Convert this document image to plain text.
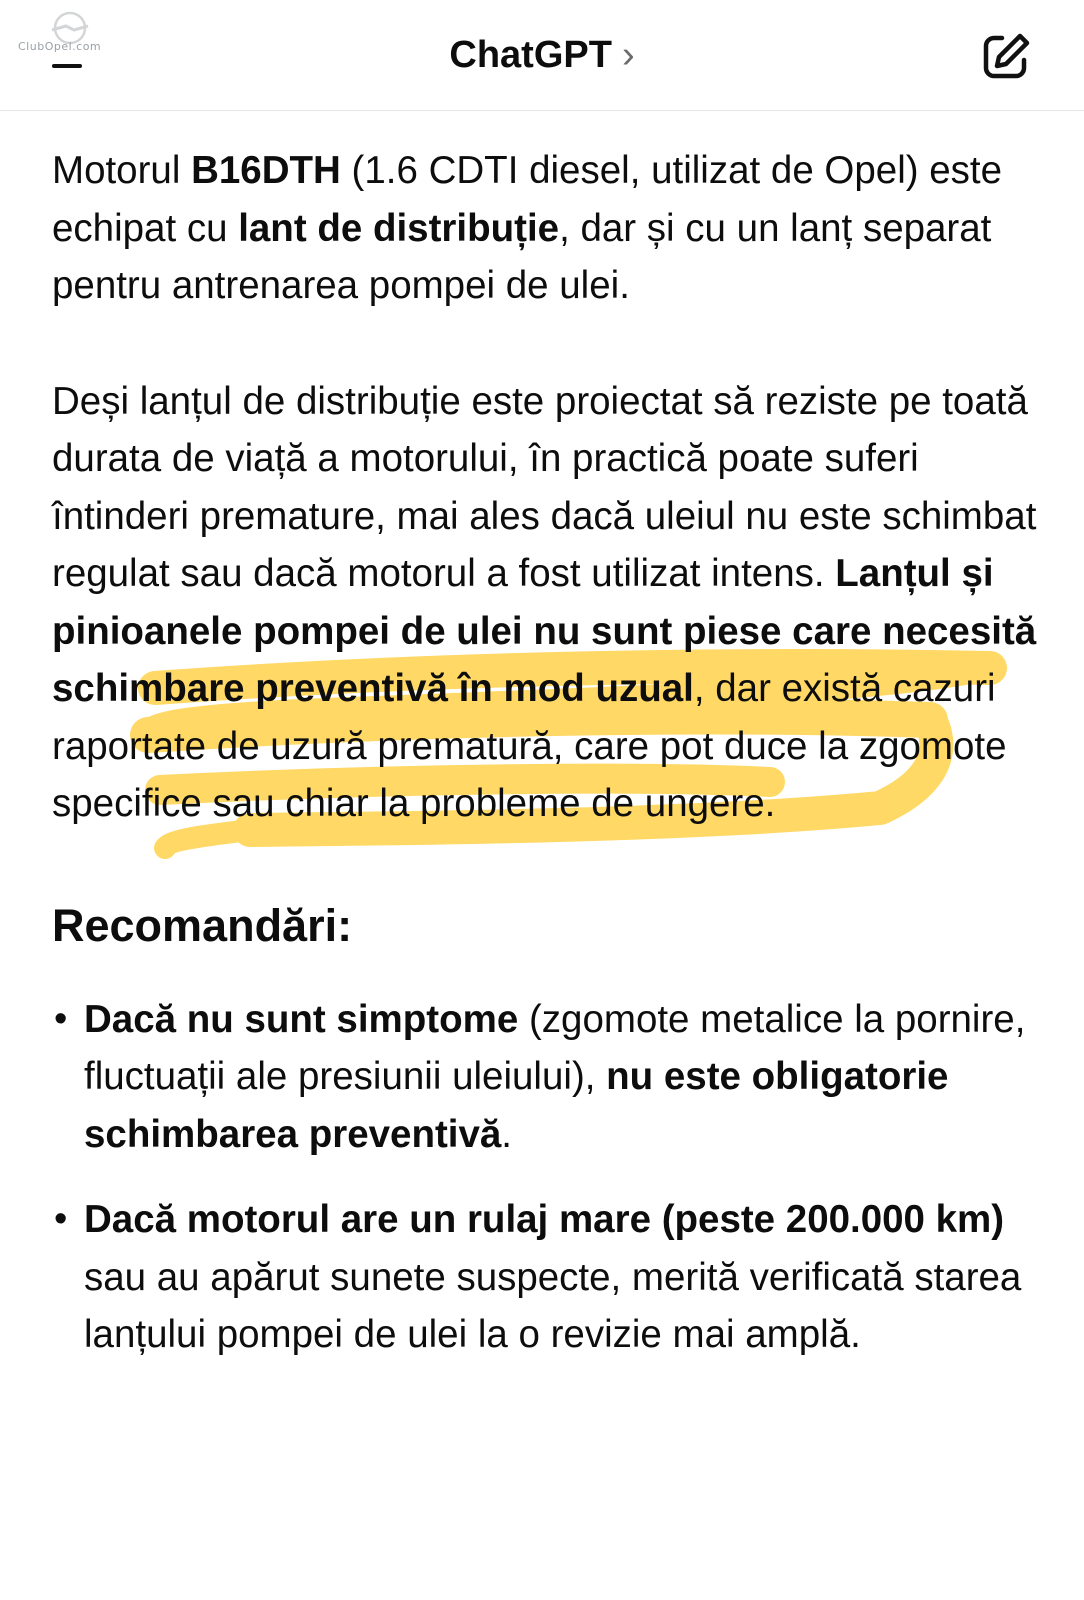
ClubOpel.com	ChatGPT ›

Motorul B16DTH (1.6 CDTI diesel, utilizat de Opel) este echipat cu lant de distribuție, dar și cu un lanț separat pentru antrenarea pompei de ulei.

Deși lanțul de distribuție este proiectat să reziste pe toată durata de viață a motorului, în practică poate suferi întinderi premature, mai ales dacă uleiul nu este schimbat regulat sau dacă motorul a fost utilizat intens. Lanțul și pinioanele pompei de ulei nu sunt piese care necesită schimbare preventivă în mod uzual, dar există cazuri raportate de uzură prematură, care pot duce la zgomote specifice sau chiar la probleme de ungere.

Recomandări:
• Dacă nu sunt simptome (zgomote metalice la pornire, fluctuații ale presiunii uleiului), nu este obligatorie schimbarea preventivă.
• Dacă motorul are un rulaj mare (peste 200.000 km) sau au apărut sunete suspecte, merită verificată starea lanțului pompei de ulei la o revizie mai amplă.
